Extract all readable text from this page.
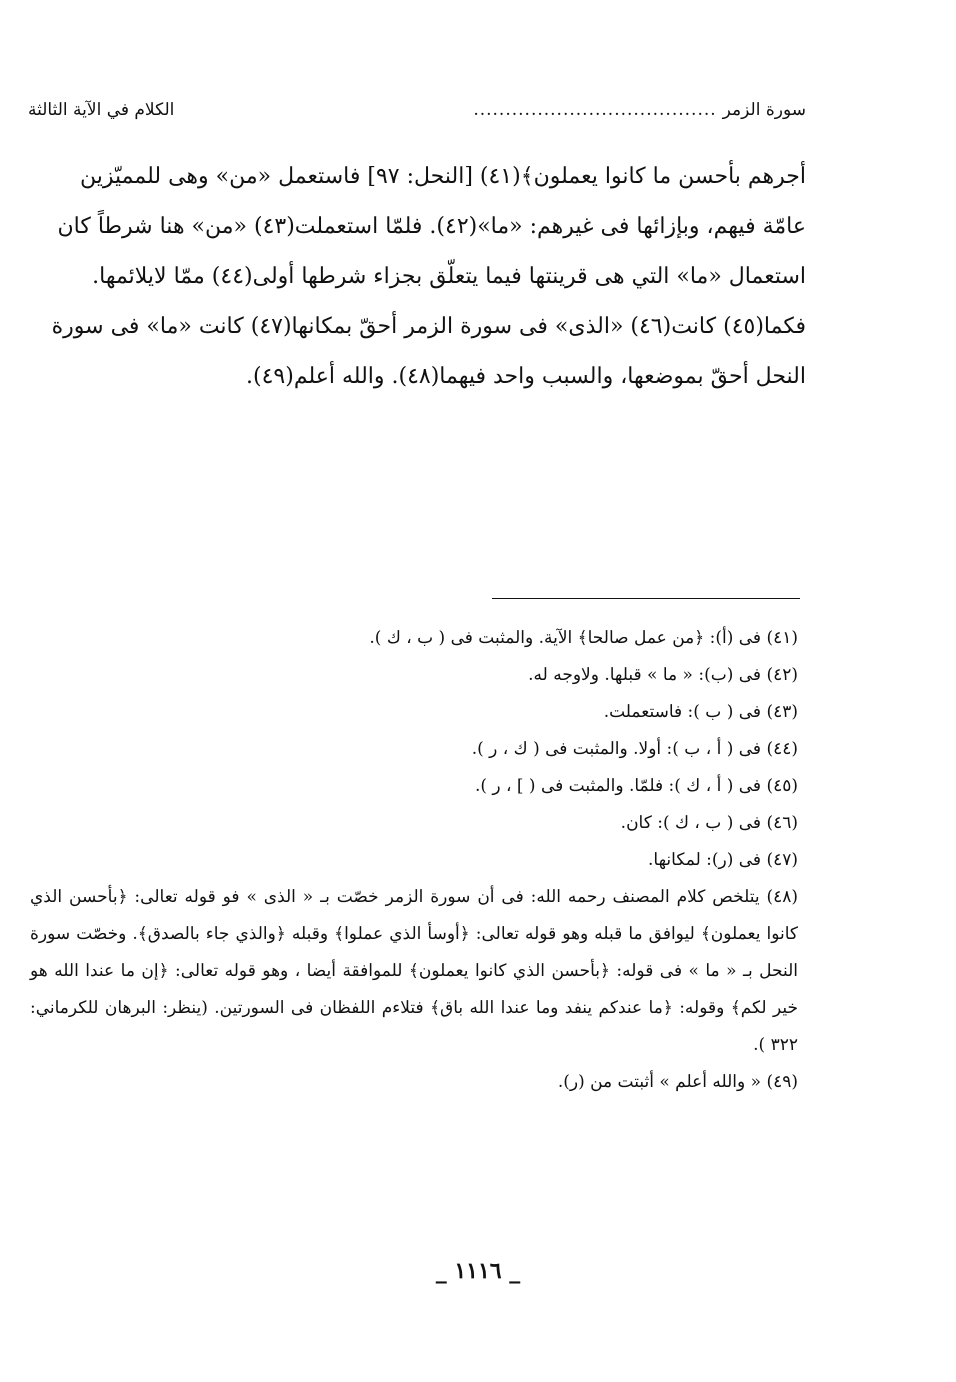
سورة الزمر
......................................
الكلام في الآية الثالثة

أجرهم بأحسن ما كانوا يعملون﴾(٤١) [النحل: ٩٧] فاستعمل «من» وهى للمميّزين

عامّة فيهم، وبإزائها فى غيرهم: «ما»(٤٢). فلمّا استعملت(٤٣) «من» هنا شرطاً كان

استعمال «ما» التي هى قرينتها فيما يتعلّق بجزاء شرطها أولى(٤٤) ممّا لايلائمها.

فكما(٤٥) كانت(٤٦) «الذى» فى سورة الزمر أحقّ بمكانها(٤٧) كانت «ما» فى سورة

النحل أحقّ بموضعها، والسبب واحد فيهما(٤٨). والله أعلم(٤٩).

(٤١) فى (أ): ﴿من عمل صالحا﴾ الآية. والمثبت فى ( ب ، ك ).

(٤٢) فى (ب): « ما » قبلها. ولاوجه له.

(٤٣) فى ( ب ): فاستعملت.

(٤٤) فى ( أ ، ب ): أولا. والمثبت فى ( ك ، ر ).

(٤٥) فى ( أ ، ك ): فلمّا. والمثبت فى ( ] ، ر ).

(٤٦) فى ( ب ، ك ): كان.

(٤٧) فى (ر): لمكانها.

(٤٨) يتلخص كلام المصنف رحمه الله: فى أن سورة الزمر خصّت بـ « الذى » فو قوله تعالى: ﴿بأحسن الذي كانوا يعملون﴾ ليوافق ما قبله وهو قوله تعالى: ﴿أوسأ الذي عملوا﴾ وقبله ﴿والذي جاء بالصدق﴾. وخصّت سورة النحل بـ « ما » فى قوله: ﴿بأحسن الذي كانوا يعملون﴾ للموافقة أيضا ، وهو قوله تعالى: ﴿إن ما عندا الله هو خير لكم﴾ وقوله: ﴿ما عندكم ينفد وما عندا الله باق﴾ فتلاءم اللفظان فى السورتين. (ينظر: البرهان للكرماني: ٣٢٢ ).

(٤٩) « والله أعلم » أثبتت من (ر).

_ ١١١٦ _
